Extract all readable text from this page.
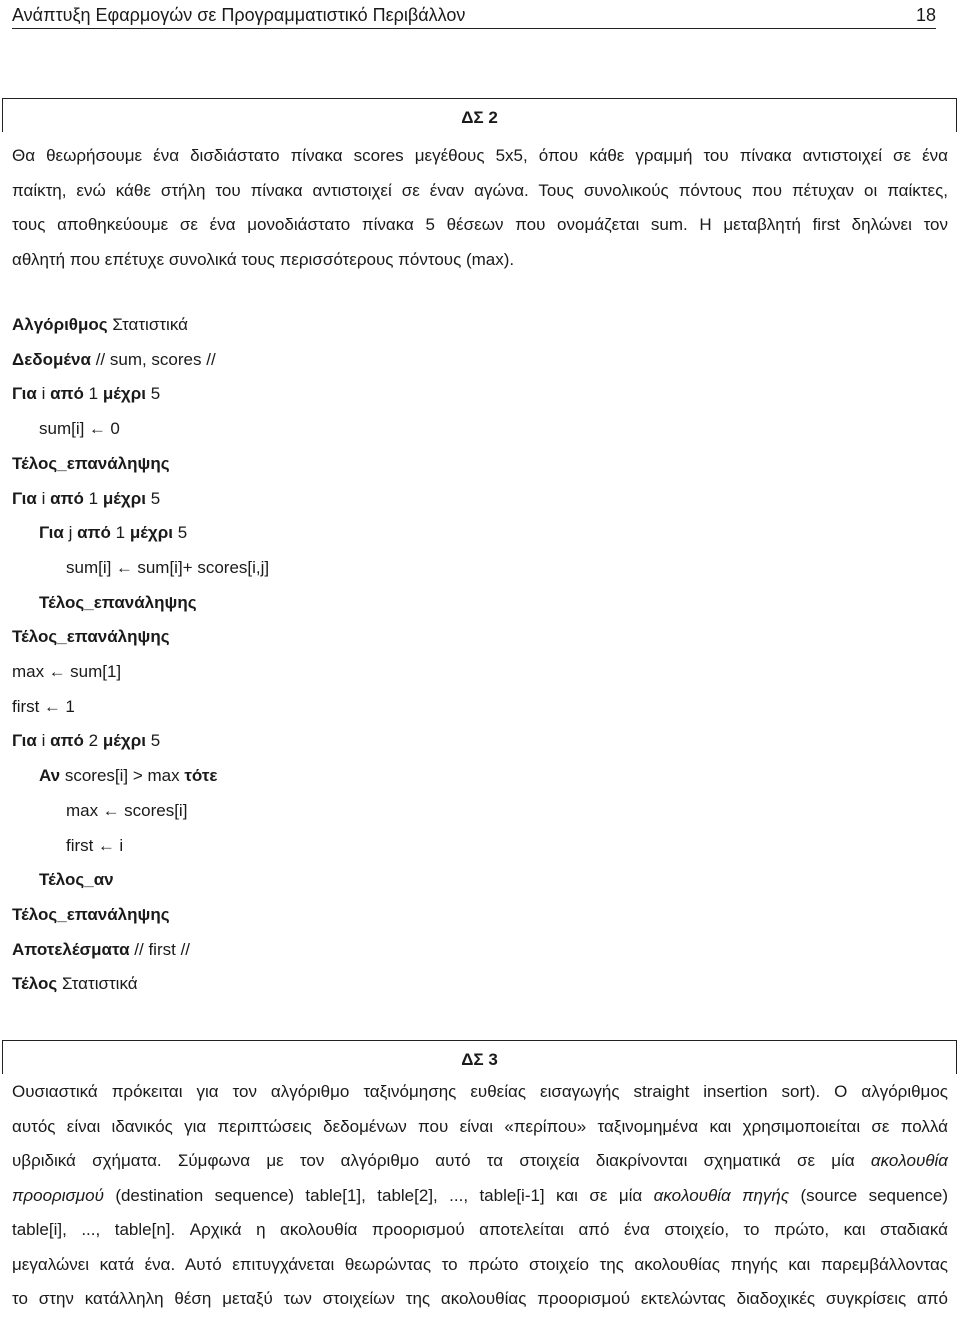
Ανάπτυξη Εφαρμογών σε Προγραμματιστικό Περιβάλλον	18
ΔΣ 2
Θα θεωρήσουμε ένα δισδιάστατο πίνακα scores μεγέθους 5x5, όπου κάθε γραμμή του πίνακα αντιστοιχεί σε ένα
παίκτη, ενώ κάθε στήλη του πίνακα αντιστοιχεί σε έναν αγώνα. Τους συνολικούς πόντους που πέτυχαν οι παίκτες,
τους αποθηκεύουμε σε ένα μονοδιάστατο πίνακα 5 θέσεων που ονομάζεται sum. Η μεταβλητή first δηλώνει τον
αθλητή που επέτυχε συνολικά τους περισσότερους πόντους (max).
Αλγόριθμος Στατιστικά
Δεδομένα // sum, scores //
Για i από 1 μέχρι 5
sum[i] ← 0
Τέλος_επανάληψης
Για i από 1 μέχρι 5
Για j από 1 μέχρι 5
sum[i] ← sum[i]+ scores[i,j]
Τέλος_επανάληψης
Τέλος_επανάληψης
max ← sum[1]
first ← 1
Για i από 2 μέχρι 5
Αν scores[i] > max τότε
max ← scores[i]
first ← i
Τέλος_αν
Τέλος_επανάληψης
Αποτελέσματα // first //
Τέλος Στατιστικά
ΔΣ 3
Ουσιαστικά πρόκειται για τον αλγόριθμο ταξινόμησης ευθείας εισαγωγής straight insertion sort). Ο αλγόριθμος
αυτός είναι ιδανικός για περιπτώσεις δεδομένων που είναι «περίπου» ταξινομημένα και χρησιμοποιείται σε πολλά
υβριδικά σχήματα. Σύμφωνα με τον αλγόριθμο αυτό τα στοιχεία διακρίνονται σχηματικά σε μία ακολουθία
προορισμού (destination sequence) table[1], table[2], ..., table[i-1] και σε μία ακολουθία πηγής (source sequence)
table[i], ..., table[n]. Αρχικά η ακολουθία προορισμού αποτελείται από ένα στοιχείο, το πρώτο, και σταδιακά
μεγαλώνει κατά ένα. Αυτό επιτυγχάνεται θεωρώντας το πρώτο στοιχείο της ακολουθίας πηγής και παρεμβάλλοντας
το στην κατάλληλη θέση μεταξύ των στοιχείων της ακολουθίας προορισμού εκτελώντας διαδοχικές συγκρίσεις από
